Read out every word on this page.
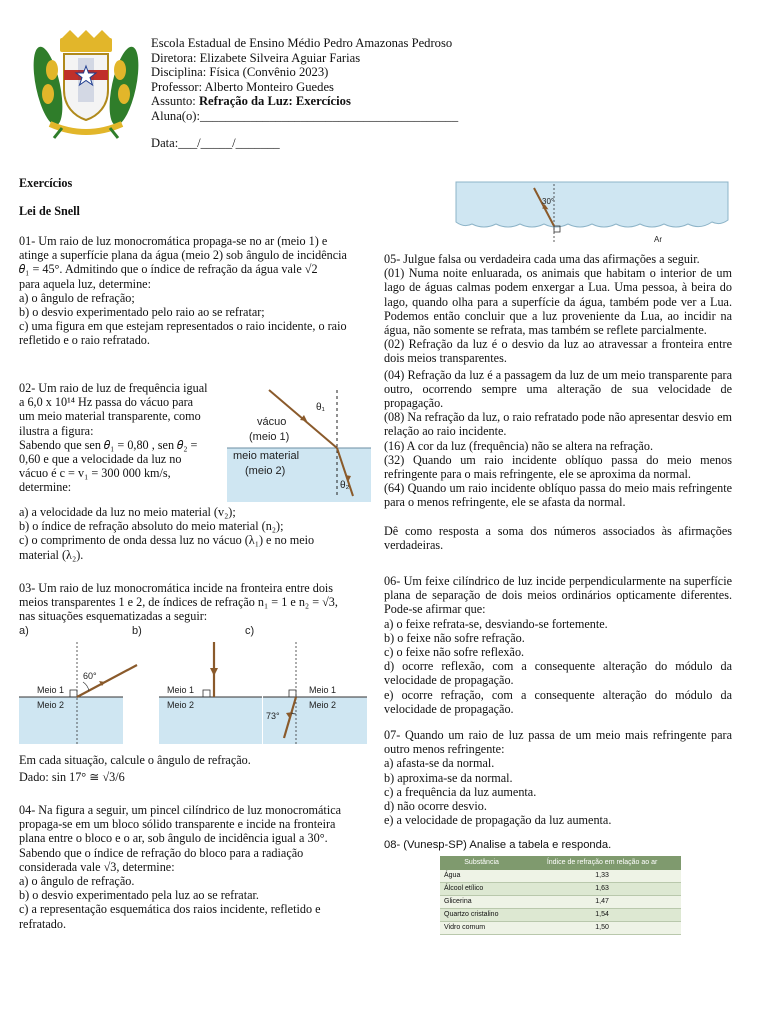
Escola Estadual de Ensino Médio Pedro Amazonas Pedroso
Diretora: Elizabete Silveira Aguiar Farias
Disciplina: Física (Convênio 2023)
Professor: Alberto Monteiro Guedes
Assunto: Refração da Luz: Exercícios
Aluna(o):_________________________________________
Data:___/_____/_______
Exercícios
Lei de Snell
01- Um raio de luz monocromática propaga-se no ar (meio 1) e
atinge a superfície plana da água (meio 2) sob ângulo de incidência
𝜃₁ = 45°. Admitindo que o índice de refração da água vale √2
para aquela luz, determine:
a) o ângulo de refração;
b) o desvio experimentado pelo raio ao se refratar;
c) uma figura em que estejam representados o raio incidente, o raio
refletido e o raio refratado.
02- Um raio de luz de frequência igual
a 6,0 x 10¹⁴ Hz passa do vácuo para
um meio material transparente, como
ilustra a figura:
Sabendo que sen 𝜃₁ = 0,80 , sen 𝜃₂ =
0,60 e que a velocidade da luz no
vácuo é c = v₁ = 300 000 km/s,
determine:
a) a velocidade da luz no meio material (v₂);
b) o índice de refração absoluto do meio material (n₂);
c) o comprimento de onda dessa luz no vácuo (λ₁) e no meio
material (λ₂).
θ₁
θ₂
vácuo
(meio 1)
meio material
(meio 2)
03- Um raio de luz monocromática incide na fronteira entre dois
meios transparentes 1 e 2, de índices de refração n₁ = 1 e n₂ = √3,
nas situações esquematizadas a seguir:
a)
60°
Meio 1
Meio 2
b)
Meio 1
Meio 2
c)
73°
Meio 1
Meio 2
Em cada situação, calcule o ângulo de refração.
Dado: sin 17° ≅ √3/6
04- Na figura a seguir, um pincel cilíndrico de luz monocromática
propaga-se em um bloco sólido transparente e incide na fronteira
plana entre o bloco e o ar, sob ângulo de incidência igual a 30°.
Sabendo que o índice de refração do bloco para a radiação
considerada vale √3, determine:
a) o ângulo de refração.
b) o desvio experimentado pela luz ao se refratar.
c) a representação esquemática dos raios incidente, refletido e
refratado.
30°
Ar
05- Julgue falsa ou verdadeira cada uma das afirmações a seguir.
(01) Numa noite enluarada, os animais que habitam o interior de um lago de águas calmas podem enxergar a Lua. Uma pessoa, à beira do lago, quando olha para a superfície da água, também pode ver a Lua. Podemos então concluir que a luz proveniente da Lua, ao incidir na água, não somente se refrata, mas também se reflete parcialmente.
(02) Refração da luz é o desvio da luz ao atravessar a fronteira entre dois meios transparentes.
(04) Refração da luz é a passagem da luz de um meio transparente para outro, ocorrendo sempre uma alteração de sua velocidade de propagação.
(08) Na refração da luz, o raio refratado pode não apresentar desvio em relação ao raio incidente.
(16) A cor da luz (frequência) não se altera na refração.
(32) Quando um raio incidente oblíquo passa do meio menos refringente para o mais refringente, ele se aproxima da normal.
(64) Quando um raio incidente oblíquo passa do meio mais refringente para o menos refringente, ele se afasta da normal.
Dê como resposta a soma dos números associados às afirmações verdadeiras.
06- Um feixe cilíndrico de luz incide perpendicularmente na superfície plana de separação de dois meios ordinários opticamente diferentes. Pode-se afirmar que:
a) o feixe refrata-se, desviando-se fortemente.
b) o feixe não sofre refração.
c) o feixe não sofre reflexão.
d) ocorre reflexão, com a consequente alteração do módulo da velocidade de propagação.
e) ocorre refração, com a consequente alteração do módulo da velocidade de propagação.
07- Quando um raio de luz passa de um meio mais refringente para outro menos refringente:
a) afasta-se da normal.
b) aproxima-se da normal.
c) a frequência da luz aumenta.
d) não ocorre desvio.
e) a velocidade de propagação da luz aumenta.
08- (Vunesp-SP) Analise a tabela e responda.
Substância	Índice de refração em relação ao ar
Água	1,33
Álcool etílico	1,63
Glicerina	1,47
Quartzo cristalino	1,54
Vidro comum	1,50
